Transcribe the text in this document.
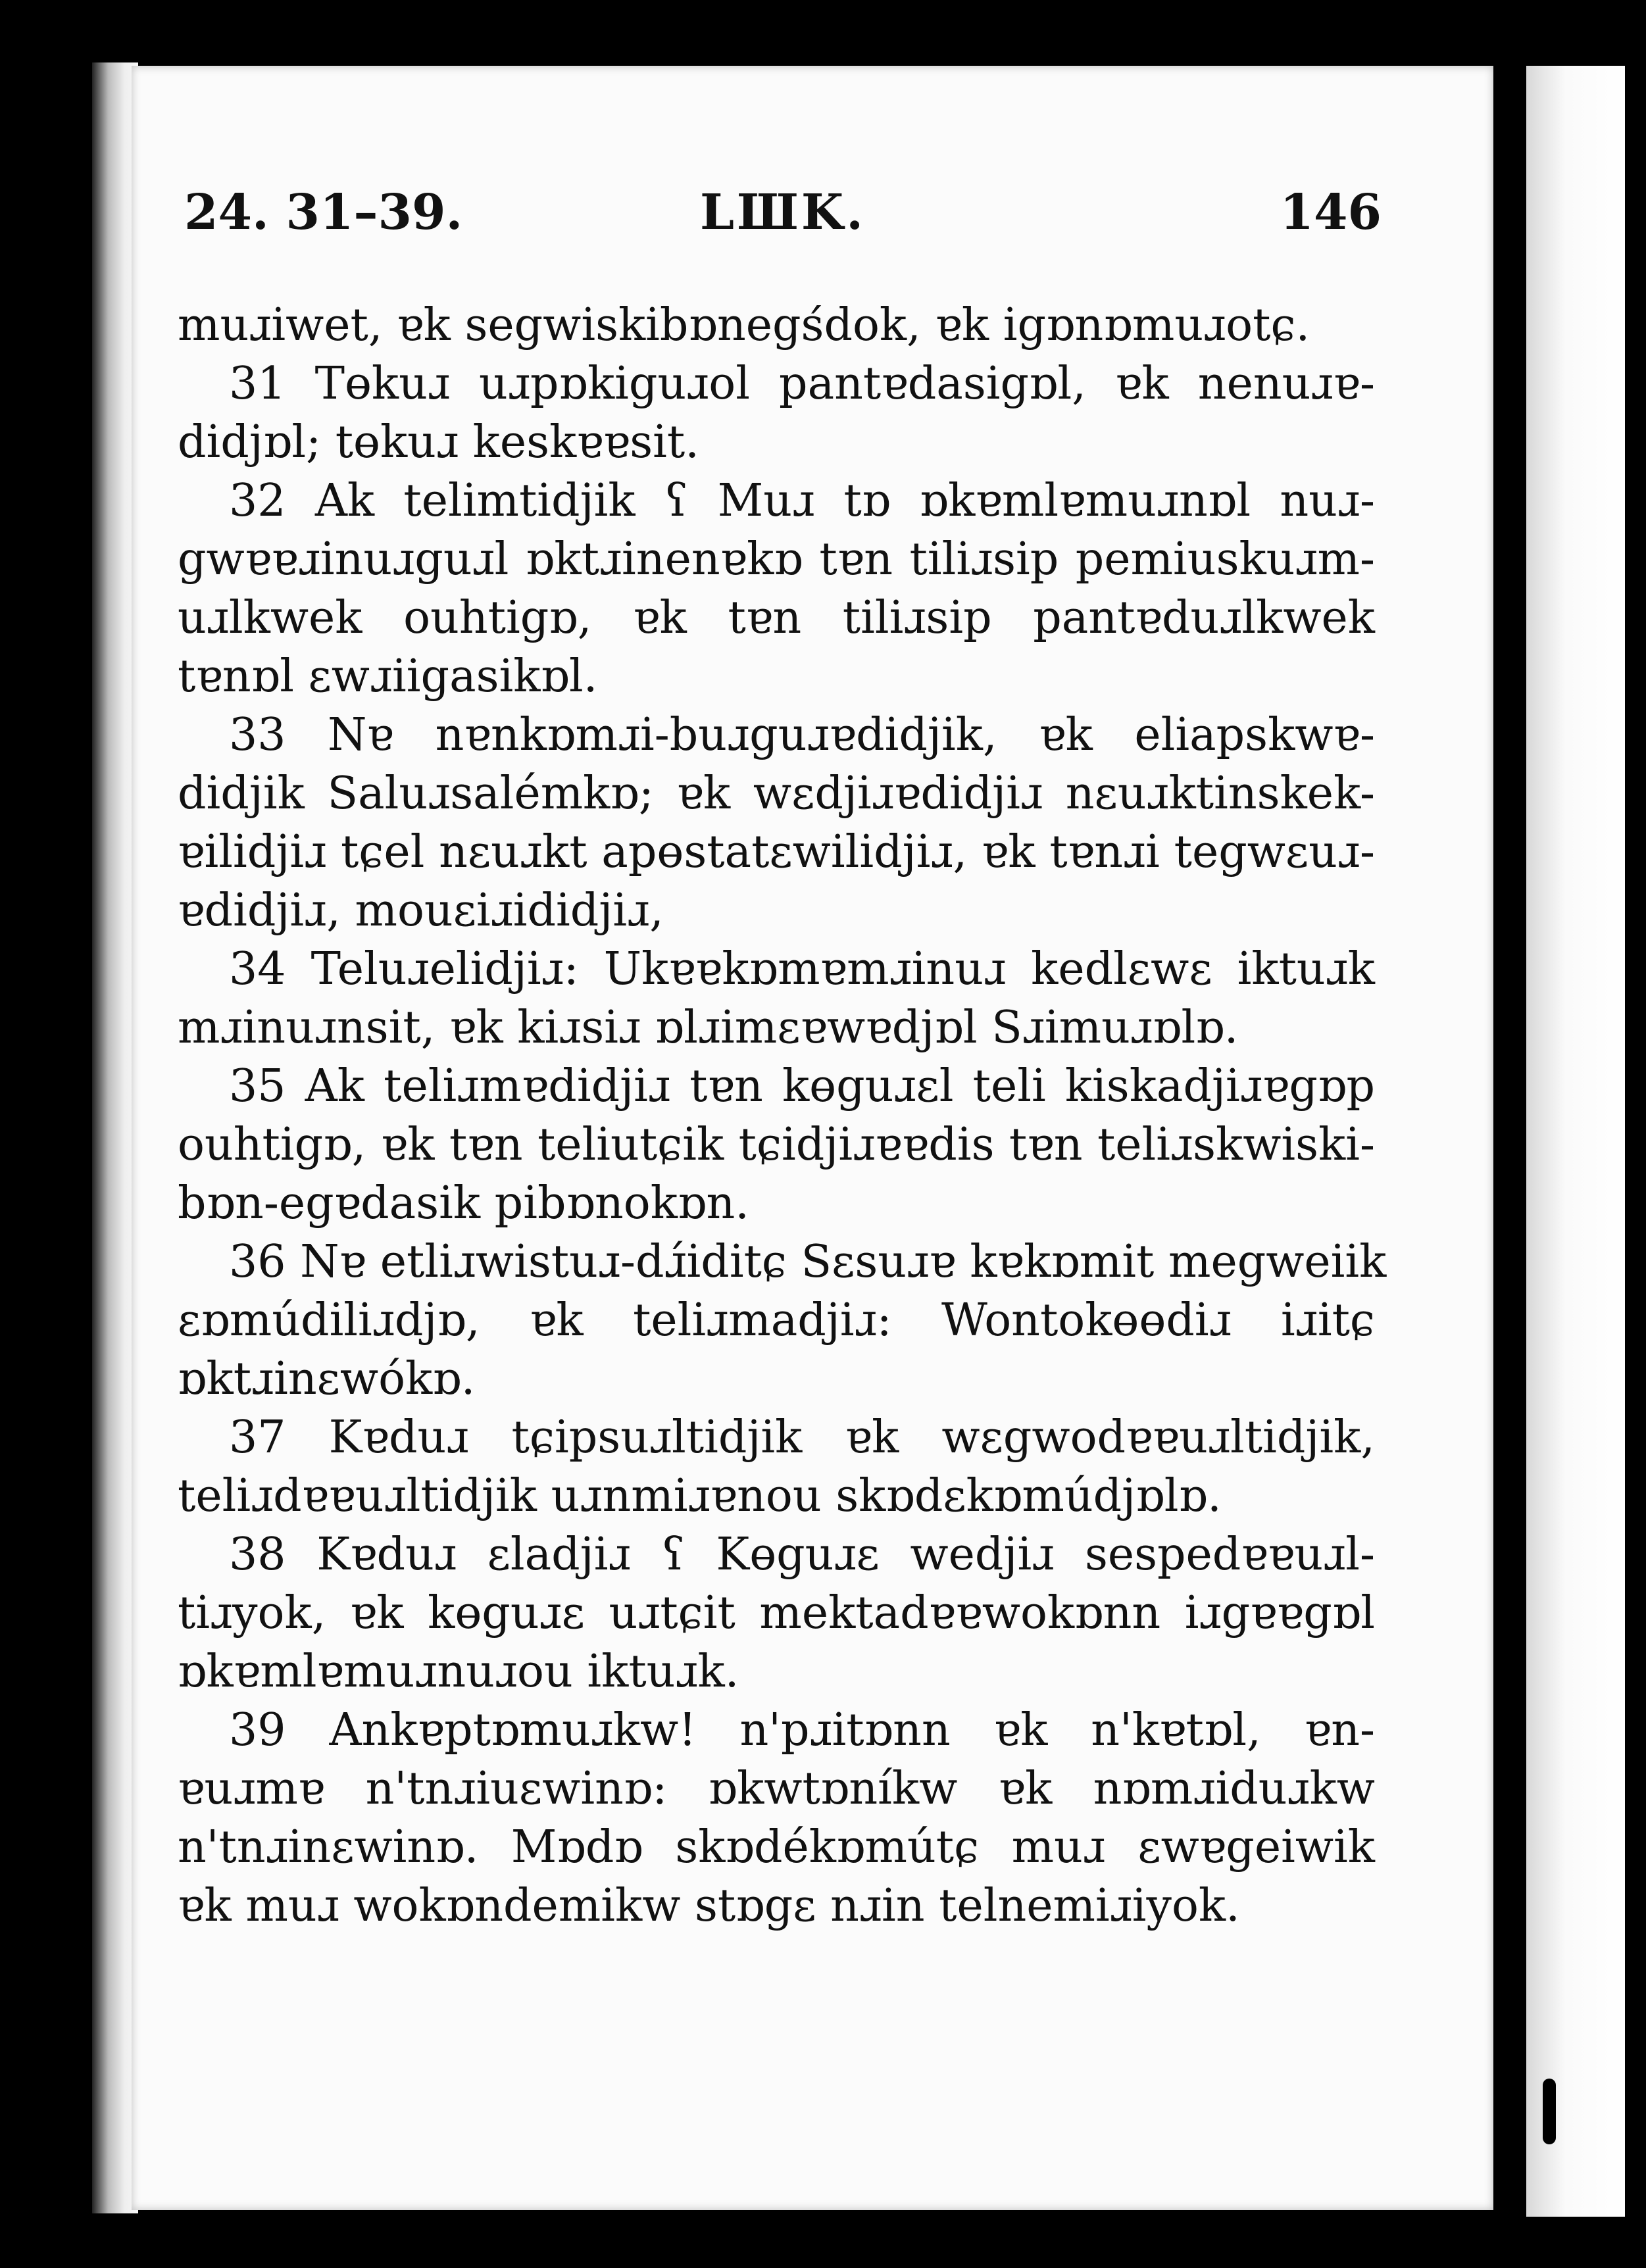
24. 31–39.	LШK.	146
muɹiwet, ɐk segwiskibɒnegśdok, ɐk igɒnɒmuɹotɕ.
31 Tɵkuɹ uɹpɒkiguɹol pantɐdasigɒl, ɐk nenuɹɐ-
didjɒl; tɵkuɹ keskɐɐsit.
32 Ak telimtidjik ʕ Muɹ tɒ ɒkɐmlɐmuɹnɒl nuɹ-
gwɐɐɹinuɹguɹl ɒktɹinenɐkɒ tɐn tiliɹsip pemiuskuɹm-
uɹlkwek ouhtigɒ, ɐk tɐn tiliɹsip pantɐduɹlkwek
tɐnɒl ɛwɹiigasikɒl.
33 Nɐ nɐnkɒmɹi-buɹguɹɐdidjik, ɐk eliapskwɐ-
didjik Saluɹsalémkɒ; ɐk wɛdjiɹɐdidjiɹ nɛuɹktinskek-
ɐilidjiɹ tɕel nɛuɹkt apɵstatɛwilidjiɹ, ɐk tɐnɹi tegwɛuɹ-
ɐdidjiɹ, mouɛiɹididjiɹ,
34 Teluɹelidjiɹ: Ukɐɐkɒmɐmɹinuɹ kedlɛwɛ iktuɹk
mɹinuɹnsit, ɐk kiɹsiɹ ɒlɹimɛɐwɐdjɒl Sɹimuɹɒlɒ.
35 Ak teliɹmɐdidjiɹ tɐn kɵguɹɛl teli kiskadjiɹɐgɒp
ouhtigɒ, ɐk tɐn teliutɕik tɕidjiɹɐɐdis tɐn teliɹskwiski-
bɒn-egɐdasik pibɒnokɒn.
36 Nɐ etliɹwistuɹ-dɹ́iditɕ Sɛsuɹɐ kɐkɒmit megweiik
ɛɒmúdiliɹdjɒ, ɐk teliɹmadjiɹ: Wontokɵɵdiɹ iɹitɕ
ɒktɹinɛwókɒ.
37 Kɐduɹ tɕipsuɹltidjik ɐk wɛgwodɐɐuɹltidjik,
teliɹdɐɐuɹltidjik uɹnmiɹɐnou skɒdɛkɒmúdjɒlɒ.
38 Kɐduɹ ɛladjiɹ ʕ Kɵguɹɛ wedjiɹ sespedɐɐuɹl-
tiɹyok, ɐk kɵguɹɛ uɹtɕit mektadɐɐwokɒnn iɹgɐɐgɒl
ɒkɐmlɐmuɹnuɹou iktuɹk.
39 Ankɐptɒmuɹkw! n'pɹitɒnn ɐk n'kɐtɒl, ɐn-
ɐuɹmɐ n'tnɹiuɛwinɒ: ɒkwtɒníkw ɐk nɒmɹiduɹkw
n'tnɹinɛwinɒ. Mɒdɒ skɒdékɒmútɕ muɹ ɛwɐgeiwik
ɐk muɹ wokɒndemikw stɒgɛ nɹin telnemiɹiyok.
